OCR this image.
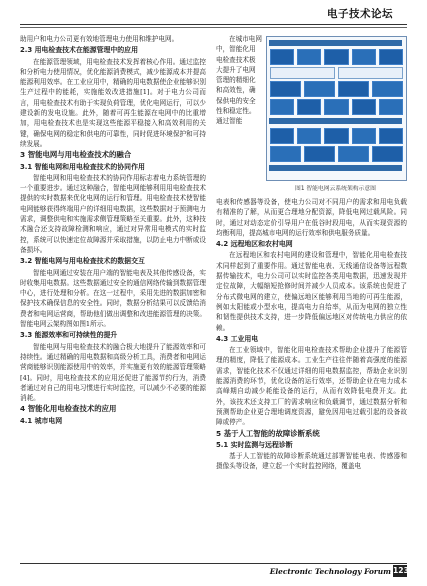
电子技术论坛

助用户和电力公司更有效地管理电力使用和维护电网。

2.3 用电检查技术在能源管理中的应用

在能源管理领域，用电检查技术发挥着核心作用。通过监控和分析电力使用情况，优化能源消费模式，减少能源成本并提高能源利用效率。在工业应用中，精确的用电数据使企业能够识别生产过程中的能耗，实施能效改进措施[1]。对于电力公司而言，用电检查技术有助于实现负荷管理，优化电网运行，可以少建设新的发电设施。此外，随着可再生能源在电网中的比重增加，用电检查技术也是实现这些能源平稳接入和高效利用的关键，确保电网的稳定和供电的可靠性，同时促进环境保护和可持续发展。

3 智能电网与用电检查技术的融合
3.1 智能电网和用电检查技术的协同作用

智能电网和用电检查技术的协同作用标志着电力系统管理的一个重要进步。通过这种融合，智能电网能够利用用电检查技术提供的实时数据来优化电网的运行和管理。用电检查技术使智能电网能够获得终端用户的详细用电数据，这些数据对于预测电力需求，调整供电和实施需求侧管理策略至关重要。此外，这种技术融合还支持故障检测和响应，通过对异常用电模式的实时监控，系统可以快速定位故障源并采取措施，以防止电力中断或设备损坏。

3.2 智能电网与用电检查技术的数据交互

智能电网通过安装在用户端的智能电表及其他传感设备，实时收集用电数据。这些数据通过安全的通信网络传输到数据管理中心，进行处理和分析。在这一过程中，采用先进的数据加密和保护技术确保信息的安全性。同时，数据分析结果可以反馈给消费者和电网运营商，帮助他们做出调整和改进能源管理的决策。智能电网云架构图如图1所示。

3.3 能源效率和可持续性的提升

智能电网与用电检查技术的融合极大地提升了能源效率和可持续性。通过精确的用电数据和高级分析工具，消费者和电网运营商能够识别能源使用中的效率，并实施更有效的能源管理策略[4]。同时，用电检查技术的应用还促进了能源节约行为，消费者通过对自己的用电习惯进行实时监控，可以减少不必要的能源消耗。

4 智能化用电检查技术的应用
4.1 城市电网

在城市电网中，智能化用电检查技术极大提升了电网管理的精细化和高效性，确保供电的安全性和稳定性。通过智能

图1 智能电网云系统架构示意图

电表和传感器等设备，使电力公司对不同用户的需求和用电负载有精准的了解，从而更合理地分配资源，降低电网过载风险。同时，通过对动态定价引导用户在低谷时段用电，从而实现资源的均衡利用，提高城市电网的运行效率和供电服务质量。

4.2 远程地区和农村电网

在远程地区和农村电网的建设和管理中，智能化用电检查技术同样起到了重要作用。通过智能电表、无线通信设备等远程数据传输技术，电力公司可以实时监控各类用电数据，迅速发现并定位故障，大幅缩短抢修时间并减少人员成本。该系统也促进了分布式微电网的建立，使偏远地区能够利用当地的可再生能源，例如太阳能或小型水电，提高电力自给率，从而为电网的独立性和韧性提供技术支持，进一步降低偏远地区对传统电力供应的依赖。

4.3 工业用电

在工业领域中，智能化用电检查技术帮助企业提升了能源管理的精度，降低了能源成本。工业生产往往伴随着高强度的能源需求，智能化技术不仅通过详细的用电数据监控，帮助企业识别能源消费的环节，优化设备的运行效率，还帮助企业在电力成本高峰期自动减少耗能设备的运行，从而有效降低电费开支。此外，该技术还支持工厂的需求响应和负载调节，通过数据分析和预测帮助企业更合理地调度资源，避免因用电过载引起的设备故障或停产。

5 基于人工智能的故障诊断系统
5.1 实时监测与远程诊断

基于人工智能的故障诊断系统通过部署智能电表、传感器和摄像头等设备，建立起一个实时监控网络，覆盖电

Electronic Technology Forum 123
